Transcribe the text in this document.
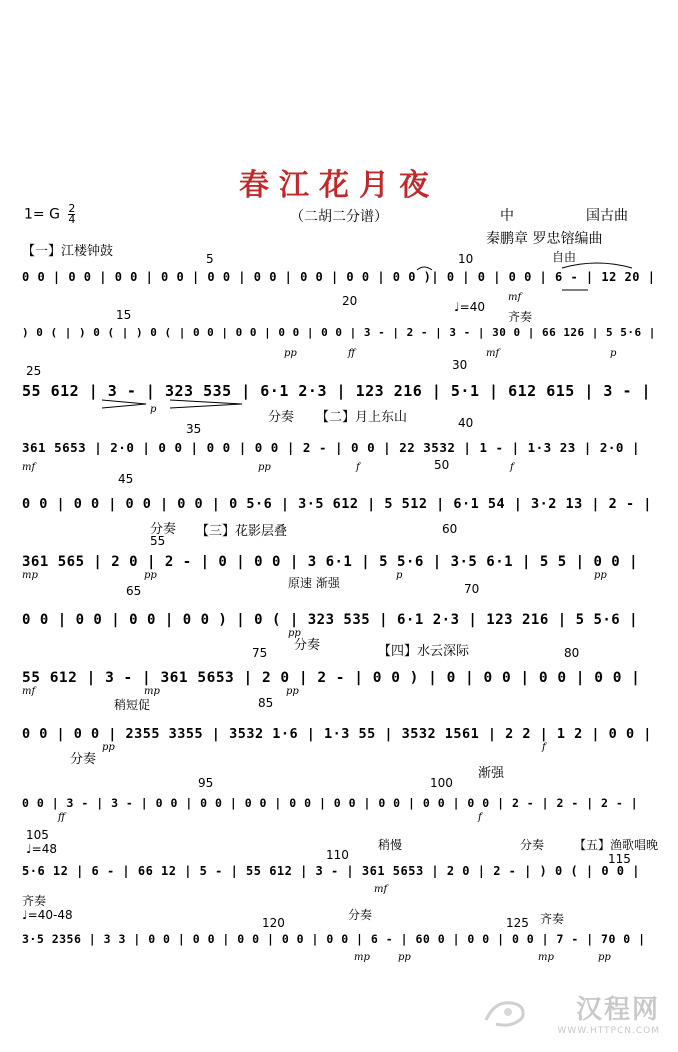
春江花月夜
（二胡二分谱）
1= G $\frac{2}{4}$	中	国古曲
秦鹏章 罗忠镕编曲
【一】江楼钟鼓	5	10	自由
0 0 | 0 0 | 0 0 | 0 0 | 0 0 | 0 0 | 0 0 | 0 0 | 0 0 )| 0 | 0 | 0 0 | 6 - | 12 20 |
mf
15
20	♩=40
齐奏
) 0 ( | ) 0 ( | ) 0 ( | 0 0 | 0 0 | 0 0 | 0 0 | 3 - | 2 - | 3 - | 30 0 | 66 126 | 5 5·6 |
pp	ff	mf	p
25	30
55 612 | 3 - | 323 535 | 6·1 2·3 | 123 216 | 5·1 | 612 615 | 3 - |
p
分奏 【二】月上东山
35	40
361 5653 | 2·0 | 0 0 | 0 0 | 0 0 | 2 - | 0 0 | 22 3532 | 1 - | 1·3 23 | 2·0 |
mf	pp	f	f
45
50
0 0 | 0 0 | 0 0 | 0 0 | 0 5·6 | 3·5 612 | 5 512 | 6·1 54 | 3·2 13 | 2 - |
分奏 【三】花影层叠
55
60
原速 渐强
361 565 | 2 0 | 2 - | 0 | 0 0 | 3 6·1 | 5 5·6 | 3·5 6·1 | 5 5 | 0 0 |
mp	pp	p	pp
65	70
0 0 | 0 0 | 0 0 | 0 0 ) | 0 ( | 323 535 | 6·1 2·3 | 123 216 | 5 5·6 |
pp
分奏	【四】水云深际
75	80
55 612 | 3 - | 361 5653 | 2 0 | 2 - | 0 0 ) | 0 | 0 0 | 0 0 | 0 0 |
mf	mp	pp
稍短促	85
0 0 | 0 0 | 2355 3355 | 3532 1·6 | 1·3 55 | 3532 1561 | 2 2 | 1 2 | 0 0 |
pp	f
分奏
渐强
95	100
0 0 | 3 - | 3 - | 0 0 | 0 0 | 0 0 | 0 0 | 0 0 | 0 0 | 0 0 | 0 0 | 2 - | 2 - | 2 - |
ff	f
105
♩=48	稍慢
110
分奏 【五】渔歌唱晚
115
5·6 12 | 6 - | 66 12 | 5 - | 55 612 | 3 - | 361 5653 | 2 0 | 2 - | ) 0 ( | 0 0 |
mf
齐奏
♩=40-48
120
分奏
125 齐奏
3·5 2356 | 3 3 | 0 0 | 0 0 | 0 0 | 0 0 | 0 0 | 6 - | 60 0 | 0 0 | 0 0 | 7 - | 70 0 |
mp	pp	mp	pp
汉程网
WWW.HTTPCN.COM
